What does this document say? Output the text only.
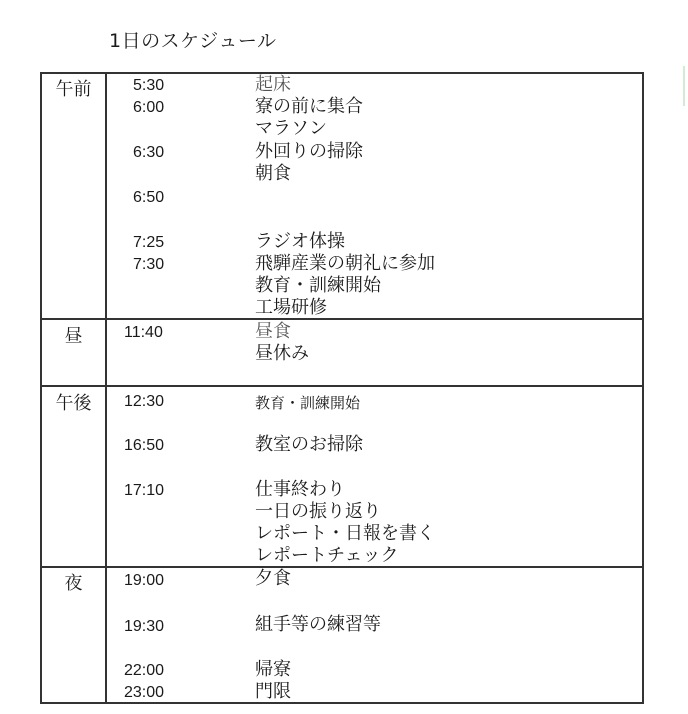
1日のスケジュール
午前
昼
午後
夜
5:30
6:00
6:30
6:50
7:25
7:30
11:40
12:30
16:50
17:10
19:00
19:30
22:00
23:00
起床
寮の前に集合
マラソン
外回りの掃除
朝食
ラジオ体操
飛騨産業の朝礼に参加
教育・訓練開始
工場研修
昼食
昼休み
教育・訓練開始
教室のお掃除
仕事終わり
一日の振り返り
レポート・日報を書く
レポートチェック
夕食
組手等の練習等
帰寮
門限
